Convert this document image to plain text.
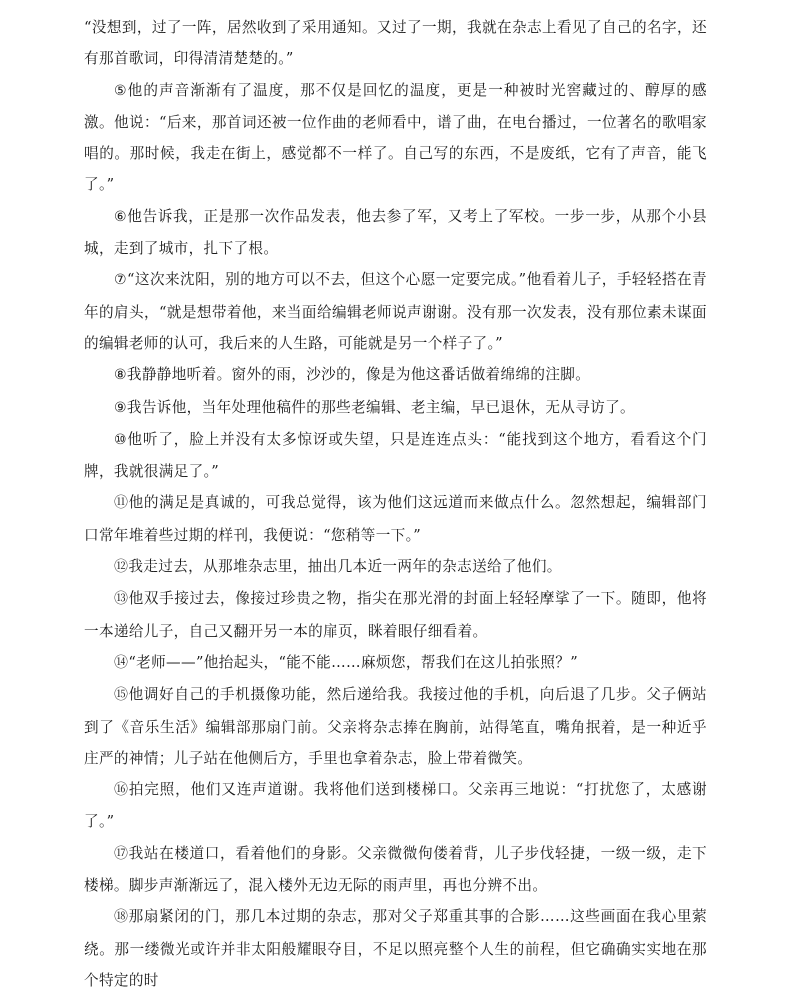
“没想到，过了一阵，居然收到了采用通知。又过了一期，我就在杂志上看见了自己的名字，还有那首歌词，印得清清楚楚的。”

⑤他的声音渐渐有了温度，那不仅是回忆的温度，更是一种被时光窖藏过的、醇厚的感激。他说：“后来，那首词还被一位作曲的老师看中，谱了曲，在电台播过，一位著名的歌唱家唱的。那时候，我走在街上，感觉都不一样了。自己写的东西，不是废纸，它有了声音，能飞了。”

⑥他告诉我，正是那一次作品发表，他去参了军，又考上了军校。一步一步，从那个小县城，走到了城市，扎下了根。

⑦“这次来沈阳，别的地方可以不去，但这个心愿一定要完成。”他看着儿子，手轻轻搭在青年的肩头，“就是想带着他，来当面给编辑老师说声谢谢。没有那一次发表，没有那位素未谋面的编辑老师的认可，我后来的人生路，可能就是另一个样子了。”

⑧我静静地听着。窗外的雨，沙沙的，像是为他这番话做着绵绵的注脚。

⑨我告诉他，当年处理他稿件的那些老编辑、老主编，早已退休，无从寻访了。

⑩他听了，脸上并没有太多惊讶或失望，只是连连点头：“能找到这个地方，看看这个门牌，我就很满足了。”

⑪他的满足是真诚的，可我总觉得，该为他们这远道而来做点什么。忽然想起，编辑部门口常年堆着些过期的样刊，我便说：“您稍等一下。”

⑫我走过去，从那堆杂志里，抽出几本近一两年的杂志送给了他们。

⑬他双手接过去，像接过珍贵之物，指尖在那光滑的封面上轻轻摩挲了一下。随即，他将一本递给儿子，自己又翻开另一本的扉页，眯着眼仔细看着。

⑭“老师——”他抬起头，“能不能……麻烦您，帮我们在这儿拍张照？”

⑮他调好自己的手机摄像功能，然后递给我。我接过他的手机，向后退了几步。父子俩站到了《音乐生活》编辑部那扇门前。父亲将杂志捧在胸前，站得笔直，嘴角抿着，是一种近乎庄严的神情；儿子站在他侧后方，手里也拿着杂志，脸上带着微笑。

⑯拍完照，他们又连声道谢。我将他们送到楼梯口。父亲再三地说：“打扰您了，太感谢了。”

⑰我站在楼道口，看着他们的身影。父亲微微佝偻着背，儿子步伐轻捷，一级一级，走下楼梯。脚步声渐渐远了，混入楼外无边无际的雨声里，再也分辨不出。

⑱那扇紧闭的门，那几本过期的杂志，那对父子郑重其事的合影……这些画面在我心里萦绕。那一缕微光或许并非太阳般耀眼夺目，不足以照亮整个人生的前程，但它确确实实地在那个特定的时
